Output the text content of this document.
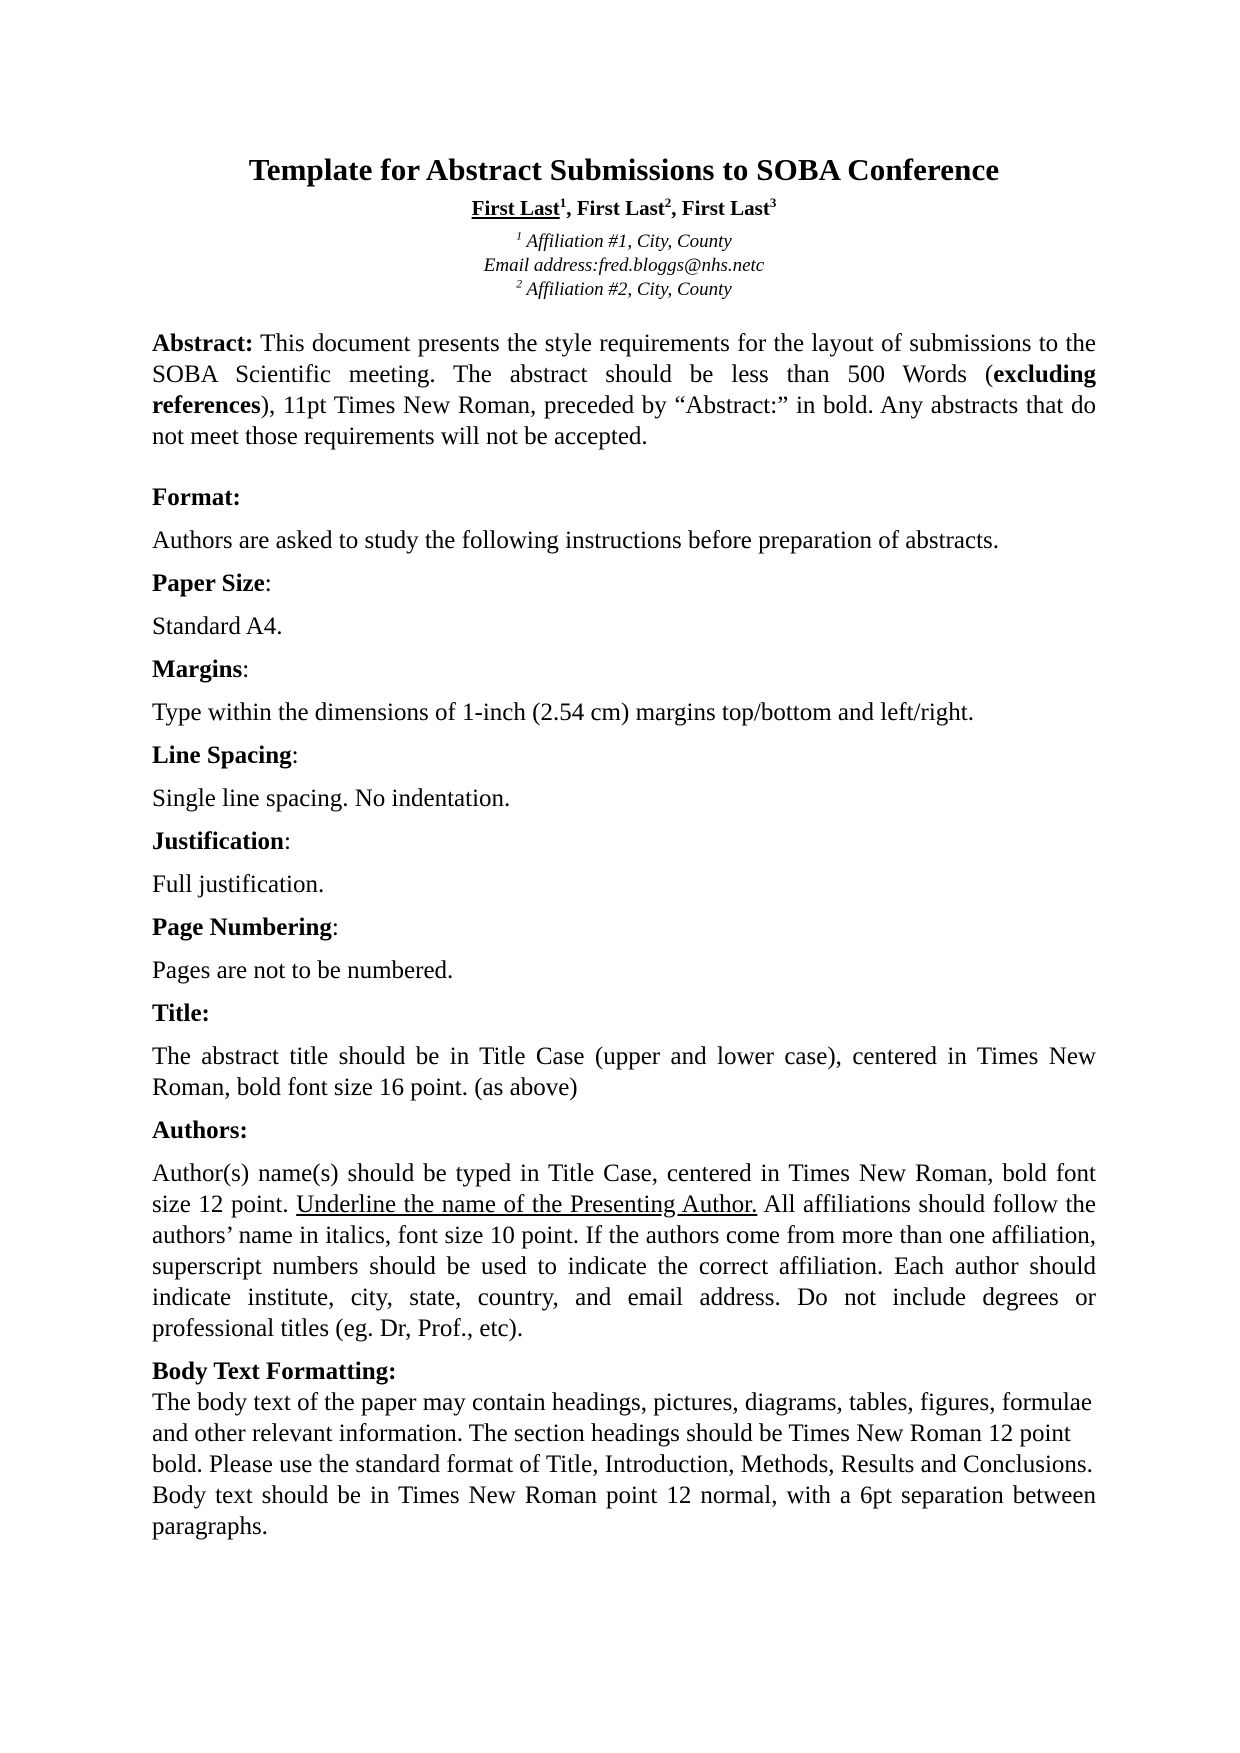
Template for Abstract Submissions to SOBA Conference
First Last$^1$, First Last$^2$, First Last$^3$
$^1$ Affiliation #1, City, County
Email address:fred.bloggs@nhs.netc
$^2$ Affiliation #2, City, County

Abstract: This document presents the style requirements for the layout of submissions to the SOBA Scientific meeting. The abstract should be less than 500 Words (excluding references), 11pt Times New Roman, preceded by “Abstract:” in bold. Any abstracts that do not meet those requirements will not be accepted.

Format:

Authors are asked to study the following instructions before preparation of abstracts.

Paper Size:

Standard A4.

Margins:

Type within the dimensions of 1-inch (2.54 cm) margins top/bottom and left/right.

Line Spacing:

Single line spacing. No indentation.

Justification:

Full justification.

Page Numbering:

Pages are not to be numbered.

Title:

The abstract title should be in Title Case (upper and lower case), centered in Times New Roman, bold font size 16 point. (as above)

Authors:

Author(s) name(s) should be typed in Title Case, centered in Times New Roman, bold font size 12 point. Underline the name of the Presenting Author. All affiliations should follow the authors’ name in italics, font size 10 point. If the authors come from more than one affiliation, superscript numbers should be used to indicate the correct affiliation. Each author should indicate institute, city, state, country, and email address. Do not include degrees or professional titles (eg. Dr, Prof., etc).

Body Text Formatting:

The body text of the paper may contain headings, pictures, diagrams, tables, figures, formulae and other relevant information. The section headings should be Times New Roman 12 point bold. Please use the standard format of Title, Introduction, Methods, Results and Conclusions.

Body text should be in Times New Roman point 12 normal, with a 6pt separation between paragraphs.
